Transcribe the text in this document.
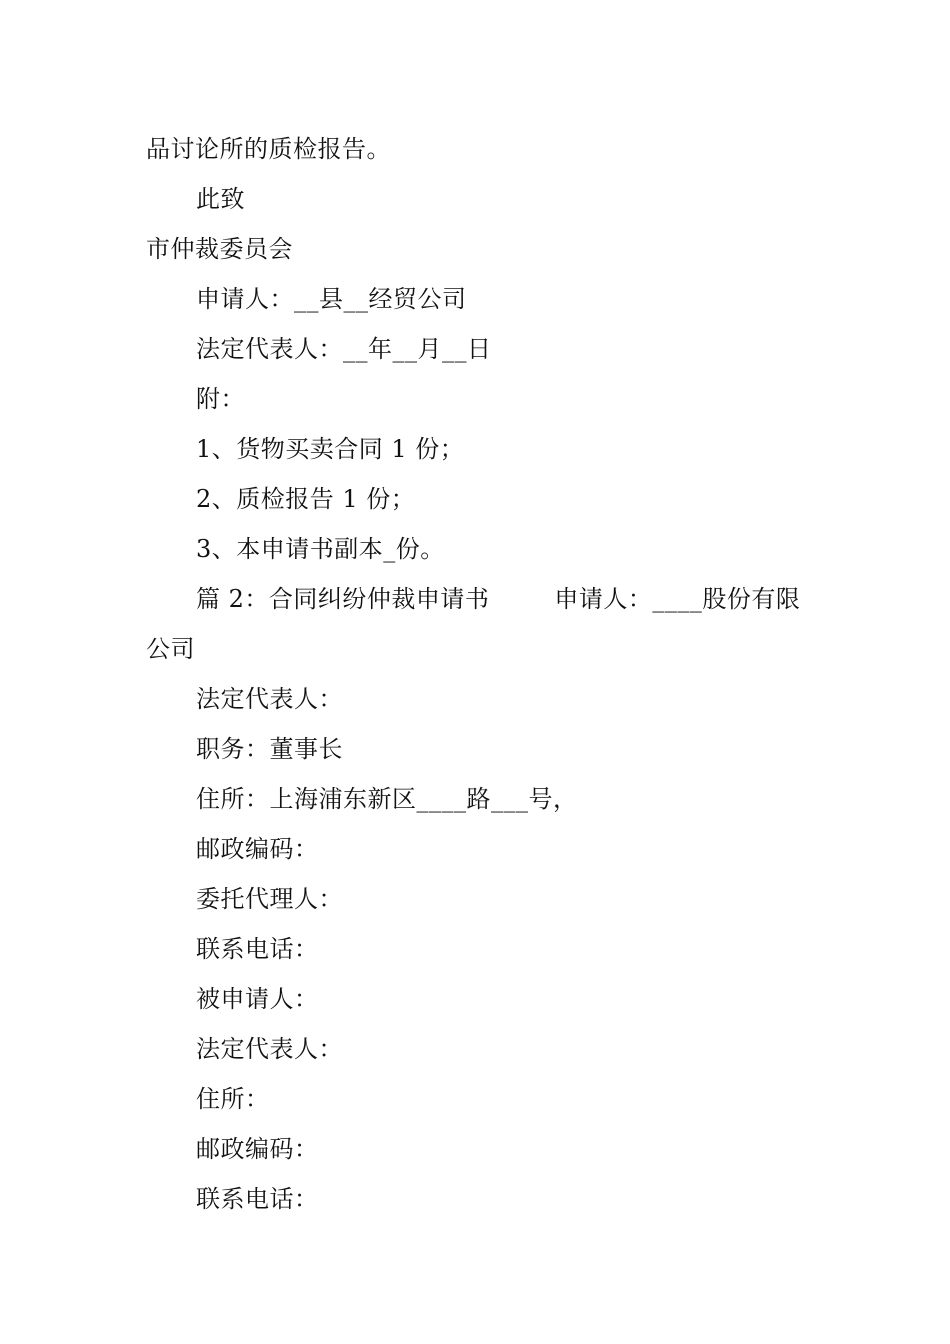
品讨论所的质检报告。
此致
市仲裁委员会
申请人：__县__经贸公司
法定代表人：__年__月__日
附：
1、货物买卖合同 1 份；
2、质检报告 1 份；
3、本申请书副本_份。
篇 2：合同纠纷仲裁申请书        申请人：____股份有限
公司
法定代表人：
职务：董事长
住所：上海浦东新区____路___号，
邮政编码：
委托代理人：
联系电话：
被申请人：
法定代表人：
住所：
邮政编码：
联系电话：
